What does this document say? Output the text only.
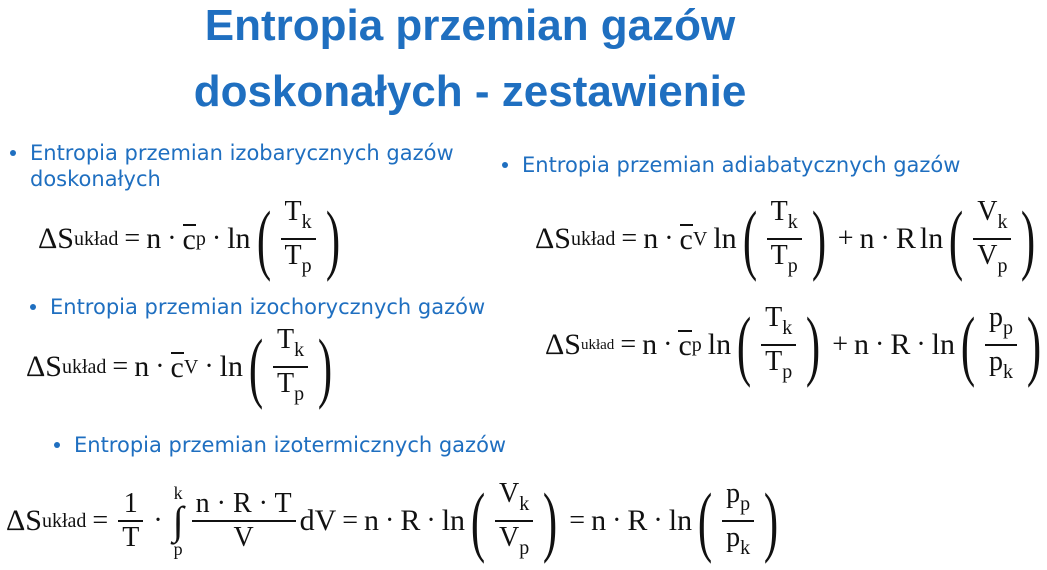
Entropia przemian gazów
doskonałych - zestawienie
Entropia przemian izobarycznych gazów doskonałych
ΔS układ = n · c p · ln ( $\frac{T_k}{T_p}$ )
Entropia przemian izochorycznych gazów
ΔS układ = n · c V · ln ( $\frac{T_k}{T_p}$ )
Entropia przemian adiabatycznych gazów
ΔS układ = n · c V ln ( $\frac{T_k}{T_p}$ ) + n · R ln ( $\frac{V_k}{V_p}$ )
ΔS układ = n · c p ln ( $\frac{T_k}{T_p}$ ) + n · R · ln ( $\frac{p_p}{p_k}$ )
Entropia przemian izotermicznych gazów
ΔS układ = $\frac{1}{T}$ ·
k
∫
p $\frac{n \cdot R \cdot T}{V}$ dV = n · R · ln ( $\frac{V_k}{V_p}$ ) = n · R · ln ( $\frac{p_p}{p_k}$ )
